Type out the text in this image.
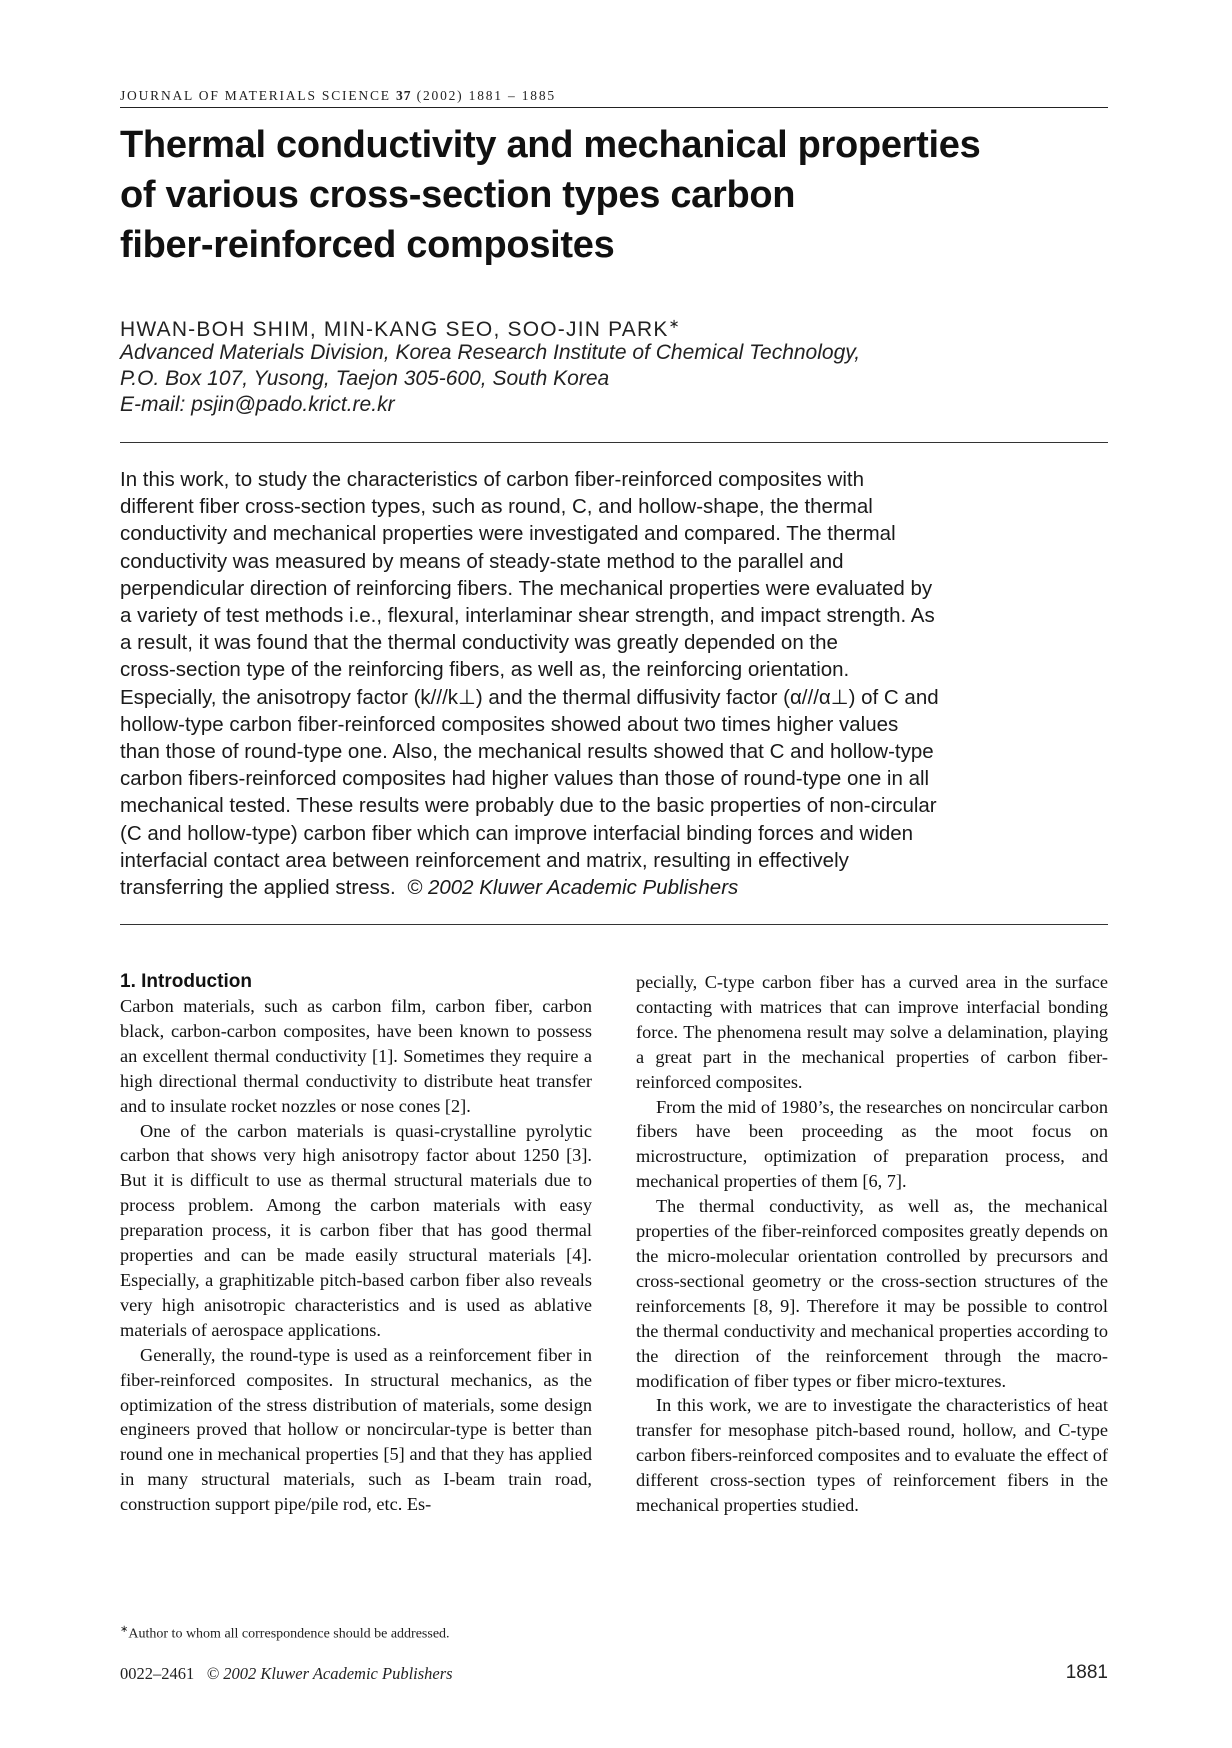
JOURNAL OF MATERIALS SCIENCE 37 (2002) 1881 – 1885
Thermal conductivity and mechanical properties
of various cross-section types carbon
fiber-reinforced composites
HWAN-BOH SHIM, MIN-KANG SEO, SOO-JIN PARK∗
Advanced Materials Division, Korea Research Institute of Chemical Technology,
P.O. Box 107, Yusong, Taejon 305-600, South Korea
E-mail: psjin@pado.krict.re.kr
In this work, to study the characteristics of carbon fiber-reinforced composites with
different fiber cross-section types, such as round, C, and hollow-shape, the thermal
conductivity and mechanical properties were investigated and compared. The thermal
conductivity was measured by means of steady-state method to the parallel and
perpendicular direction of reinforcing fibers. The mechanical properties were evaluated by
a variety of test methods i.e., flexural, interlaminar shear strength, and impact strength. As
a result, it was found that the thermal conductivity was greatly depended on the
cross-section type of the reinforcing fibers, as well as, the reinforcing orientation.
Especially, the anisotropy factor (k///k⊥) and the thermal diffusivity factor (α///α⊥) of C and
hollow-type carbon fiber-reinforced composites showed about two times higher values
than those of round-type one. Also, the mechanical results showed that C and hollow-type
carbon fibers-reinforced composites had higher values than those of round-type one in all
mechanical tested. These results were probably due to the basic properties of non-circular
(C and hollow-type) carbon fiber which can improve interfacial binding forces and widen
interfacial contact area between reinforcement and matrix, resulting in effectively
transferring the applied stress. © 2002 Kluwer Academic Publishers
1. Introduction

Carbon materials, such as carbon film, carbon fiber, carbon black, carbon-carbon composites, have been known to possess an excellent thermal conductivity [1]. Sometimes they require a high directional thermal conductivity to distribute heat transfer and to insulate rocket nozzles or nose cones [2].

One of the carbon materials is quasi-crystalline pyrolytic carbon that shows very high anisotropy factor about 1250 [3]. But it is difficult to use as thermal structural materials due to process problem. Among the carbon materials with easy preparation process, it is carbon fiber that has good thermal properties and can be made easily structural materials [4]. Especially, a graphitizable pitch-based carbon fiber also reveals very high anisotropic characteristics and is used as ablative materials of aerospace applications.

Generally, the round-type is used as a reinforcement fiber in fiber-reinforced composites. In structural mechanics, as the optimization of the stress distribution of materials, some design engineers proved that hollow or noncircular-type is better than round one in mechanical properties [5] and that they has applied in many structural materials, such as I-beam train road, construction support pipe/pile rod, etc. Es-

pecially, C-type carbon fiber has a curved area in the surface contacting with matrices that can improve interfacial bonding force. The phenomena result may solve a delamination, playing a great part in the mechanical properties of carbon fiber-reinforced composites.

From the mid of 1980’s, the researches on noncircular carbon fibers have been proceeding as the moot focus on microstructure, optimization of preparation process, and mechanical properties of them [6, 7].

The thermal conductivity, as well as, the mechanical properties of the fiber-reinforced composites greatly depends on the micro-molecular orientation controlled by precursors and cross-sectional geometry or the cross-section structures of the reinforcements [8, 9]. Therefore it may be possible to control the thermal conductivity and mechanical properties according to the direction of the reinforcement through the macro-modification of fiber types or fiber micro-textures.

In this work, we are to investigate the characteristics of heat transfer for mesophase pitch-based round, hollow, and C-type carbon fibers-reinforced composites and to evaluate the effect of different cross-section types of reinforcement fibers in the mechanical properties studied.

∗Author to whom all correspondence should be addressed.
0022–2461 © 2002 Kluwer Academic Publishers	1881
